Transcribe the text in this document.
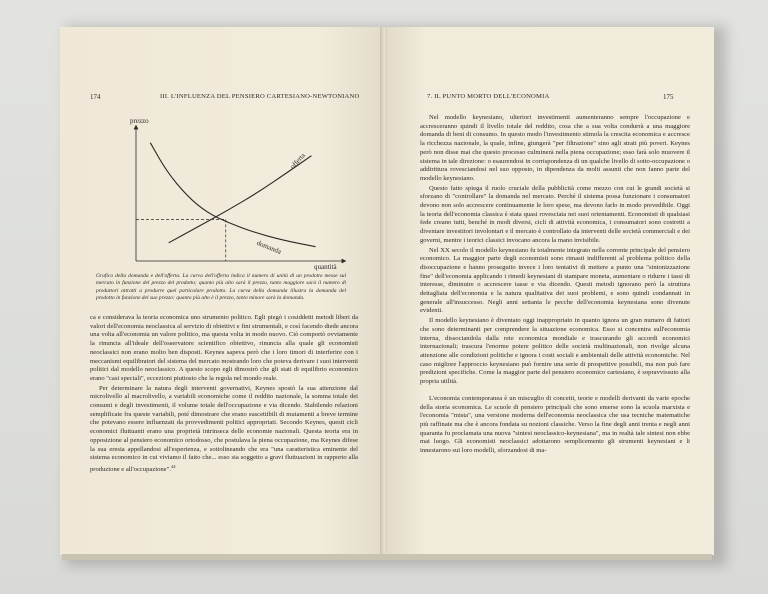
174	III. L'INFLUENZA DEL PENSIERO CARTESIANO-NEWTONIANO
prezzo
quantità
offerta
domanda
Grafico della domanda e dell'offerta. La curva dell'offerta indica il numero di unità di un prodotto messe sul mercato in funzione del prezzo del prodotto; quanto più alto sarà il prezzo, tanto maggiore sarà il numero di produttori attratti a produrre quel particolare prodotto. La curva della domanda illustra la domanda del prodotto in funzione del suo prezzo: quanto più alto è il prezzo, tanto minore sarà la domanda.

ca e considerava la teoria economica uno strumento politico. Egli piegò i cosiddetti metodi liberi da valori dell'economia neoclassica al servizio di obiettivi e fini strumentali, e così facendo diede ancora una volta all'economia un valore politico, ma questa volta in modo nuovo. Ciò comportò ovviamente la rinuncia all'ideale dell'osservatore scientifico obiettivo, rinuncia alla quale gli economisti neoclassici non erano molto ben disposti. Keynes sapeva però che i loro timori di interferire con i meccanismi equilibratori del sistema del mercato mostrando loro che poteva derivare i suoi interventi politici dal modello neoclassico. A questo scopo egli dimostrò che gli stati di equilibrio economico erano "casi speciali", eccezioni piuttosto che la regola nel mondo reale.

Per determinare la natura degli interventi governativi, Keynes spostò la sua attenzione dal microlivello al macrolivello, a variabili economiche come il reddito nazionale, la somma totale dei consumi e degli investimenti, il volume totale dell'occupazione e via dicendo. Stabilendo relazioni semplificate fra queste variabili, poté dimostrare che erano suscettibili di mutamenti a breve termine che potevano essere influenzati da provvedimenti politici appropriati. Secondo Keynes, questi cicli economici fluttuanti erano una proprietà intrinseca delle economie nazionali. Questa teoria era in opposizione al pensiero economico ortodosso, che postulava la piena occupazione, ma Keynes difese la sua eresia appellandosi all'esperienza, e sottolineando che era "una caratteristica eminente del sistema economico in cui viviamo il fatto che... esso sia soggetto a gravi fluttuazioni in rapporto alla produzione e all'occupazione".$^{44}$

7. IL PUNTO MORTO DELL'ECONOMIA	175

Nel modello keynesiano, ulteriori investimenti aumenteranno sempre l'occupazione e accresceranno quindi il livello totale del reddito, cosa che a sua volta condurrà a una maggiore domanda di beni di consumo. In questo modo l'investimento stimola la crescita economica e accresce la ricchezza nazionale, la quale, infine, giungerà "per filtrazione" sino agli strati più poveri. Keynes però non disse mai che questo processo culminerà nella piena occupazione; esso farà solo muovere il sistema in tale direzione: o esaurendosi in corrispondenza di un qualche livello di sotto-occupazione o addirittura rovesciandosi nel suo opposto, in dipendenza da molti assunti che non fanno parte del modello keynesiano.

Questo fatto spiega il ruolo cruciale della pubblicità come mezzo con cui le grandi società si sforzano di "controllare" la domanda nel mercato. Perché il sistema possa funzionare i consumatori devono non solo accrescere continuamente le loro spese, ma devono farlo in modo prevedibile. Oggi la teoria dell'economia classica è stata quasi rovesciata nei suoi orientamenti. Economisti di qualsiasi fede creano tutti, benché in modi diversi, cicli di attività economica, i consumatori sono costretti a diventare investitori involontari e il mercato è controllato da interventi delle società commerciali e dei governi, mentre i teorici classici invocano ancora la mano invisibile.

Nel XX secolo il modello keynesiano fu totalmente integrato nella corrente principale del pensiero economico. La maggior parte degli economisti sono rimasti indifferenti al problema politico della disoccupazione e hanno proseguito invece i loro tentativi di mettere a punto una "sintonizzazione fine" dell'economia applicando i rimedi keynesiani di stampare moneta, aumentare o ridurre i tassi di interesse, diminuire o accrescere tasse e via dicendo. Questi metodi ignorano però la struttura dettagliata dell'economia e la natura qualitativa dei suoi problemi, e sono quindi condannati in generale all'insuccesso. Negli anni settanta le pecche dell'economia keynesiana sono divenute evidenti.

Il modello keynesiano è diventato oggi inappropriato in quanto ignora un gran numero di fattori che sono determinanti per comprendere la situazione economica. Esso si concentra sull'economia interna, dissociandola dalla rete economica mondiale e trascurando gli accordi economici internazionali; trascura l'enorme potere politico delle società multinazionali, non rivolge alcuna attenzione alle condizioni politiche e ignora i costi sociali e ambientali delle attività economiche. Nel caso migliore l'approccio keynesiano può fornire una serie di prospettive possibili, ma non può fare predizioni specifiche. Come la maggior parte del pensiero economico cartesiano, è sopravvissuto alla propria utilità.

L'economia contemporanea è un miscuglio di concetti, teorie e modelli derivanti da varie epoche della storia economica. Le scuole di pensiero principali che sono emerse sono la scuola marxista e l'economia "mista", una versione moderna dell'economia neoclassica che usa tecniche matematiche più raffinate ma che è ancora fondata su nozioni classiche. Verso la fine degli anni trenta e negli anni quaranta fu proclamata una nuova "sintesi neoclassico-keynesiana", ma in realtà tale sintesi non ebbe mai luogo. Gli economisti neoclassici adottarono semplicemente gli strumenti keynesiani e li innestarono sui loro modelli, sforzandosi di ma-
